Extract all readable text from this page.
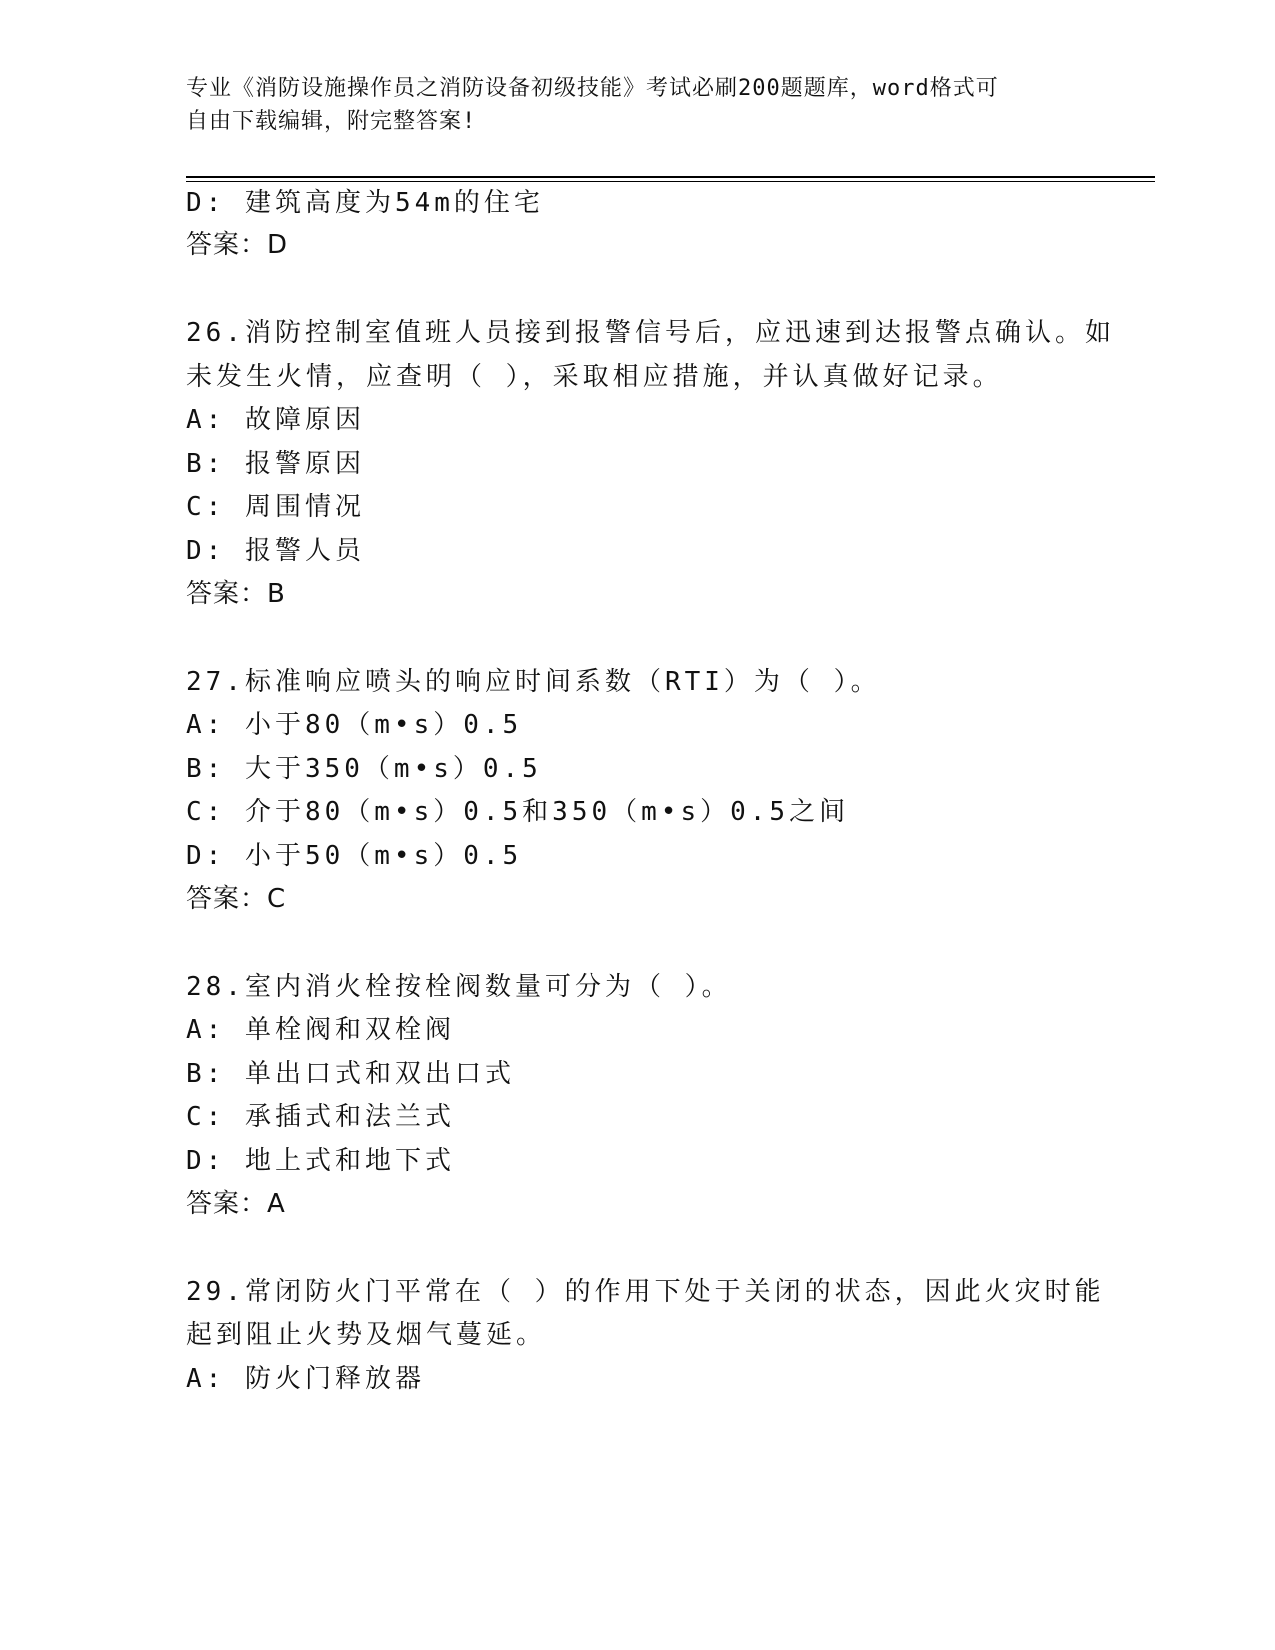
专业《消防设施操作员之消防设备初级技能》考试必刷200题题库，word格式可
自由下载编辑，附完整答案!
D: 建筑高度为54m的住宅
答案：D
26.消防控制室值班人员接到报警信号后，应迅速到达报警点确认。如
未发生火情，应查明（ ），采取相应措施，并认真做好记录。
A: 故障原因
B: 报警原因
C: 周围情况
D: 报警人员
答案：B
27.标准响应喷头的响应时间系数（RTI）为（ ）。
A: 小于80（m•s）0.5
B: 大于350（m•s）0.5
C: 介于80（m•s）0.5和350（m•s）0.5之间
D: 小于50（m•s）0.5
答案：C
28.室内消火栓按栓阀数量可分为（ ）。
A: 单栓阀和双栓阀
B: 单出口式和双出口式
C: 承插式和法兰式
D: 地上式和地下式
答案：A
29.常闭防火门平常在（ ）的作用下处于关闭的状态，因此火灾时能
起到阻止火势及烟气蔓延。
A: 防火门释放器
